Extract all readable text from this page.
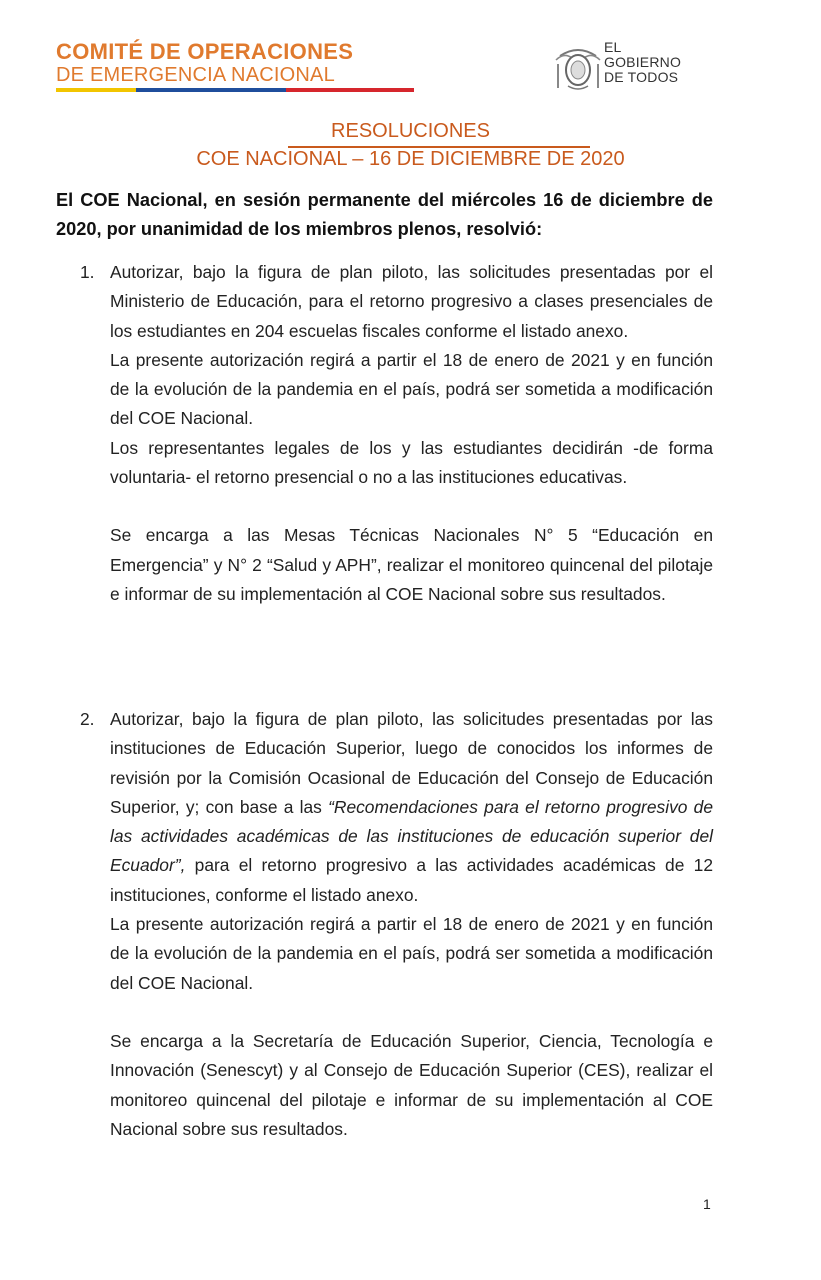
COMITÉ DE OPERACIONES
DE EMERGENCIA NACIONAL
EL
GOBIERNO
DE TODOS
RESOLUCIONES
COE NACIONAL – 16 DE DICIEMBRE DE 2020
El COE Nacional, en sesión permanente del miércoles 16 de diciembre de 2020, por unanimidad de los miembros plenos, resolvió:
1. Autorizar, bajo la figura de plan piloto, las solicitudes presentadas por el Ministerio de Educación, para el retorno progresivo a clases presenciales de los estudiantes en 204 escuelas fiscales conforme el listado anexo.

La presente autorización regirá a partir el 18 de enero de 2021 y en función de la evolución de la pandemia en el país, podrá ser sometida a modificación del COE Nacional.

Los representantes legales de los y las estudiantes decidirán -de forma voluntaria- el retorno presencial o no a las instituciones educativas.

Se encarga a las Mesas Técnicas Nacionales N° 5 “Educación en Emergencia” y N° 2 “Salud y APH”, realizar el monitoreo quincenal del pilotaje e informar de su implementación al COE Nacional sobre sus resultados.

2. Autorizar, bajo la figura de plan piloto, las solicitudes presentadas por las instituciones de Educación Superior, luego de conocidos los informes de revisión por la Comisión Ocasional de Educación del Consejo de Educación Superior, y; con base a las “Recomendaciones para el retorno progresivo de las actividades académicas de las instituciones de educación superior del Ecuador”, para el retorno progresivo a las actividades académicas de 12 instituciones, conforme el listado anexo.

La presente autorización regirá a partir el 18 de enero de 2021 y en función de la evolución de la pandemia en el país, podrá ser sometida a modificación del COE Nacional.

Se encarga a la Secretaría de Educación Superior, Ciencia, Tecnología e Innovación (Senescyt) y al Consejo de Educación Superior (CES), realizar el monitoreo quincenal del pilotaje e informar de su implementación al COE Nacional sobre sus resultados.

1
